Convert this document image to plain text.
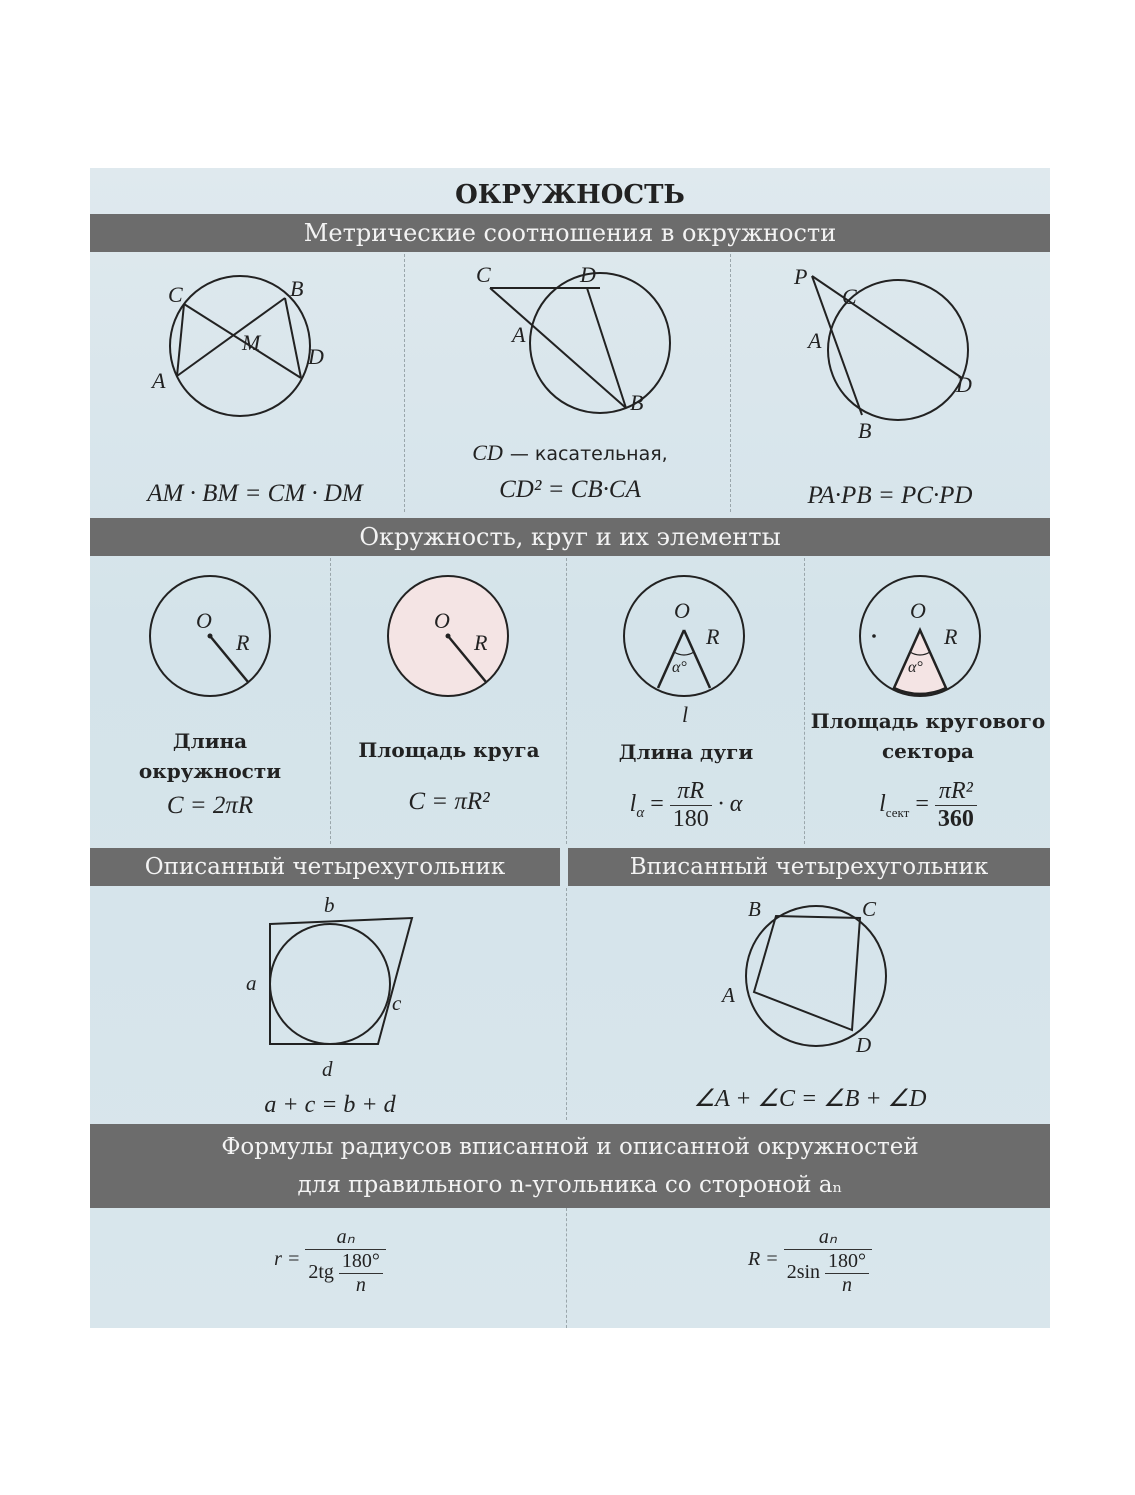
ОКРУЖНОСТЬ
Метрические соотношения в окружности
C	B
M
D
A
AM · BM = CM · DM
C	D
A
B
CD — касательная,
CD² = CB·CA
P
C
A
D
B
PA·PB = PC·PD
Окружность, круг и их элементы
O
R
Длина окружности
C = 2πR
O
R
Площадь круга
C = πR²
O
R
α°
l
Длина дуги
$l_\alpha = \frac{\pi R}{180} \cdot \alpha$
O
R
α°
Площадь кругового сектора
$l_{сект} = \frac{\text{πR²}}{360}$
Описанный четырехугольник	Вписанный четырехугольник
b
a
c
d
a + c = b + d
B	C
A
D
∠A + ∠C = ∠B + ∠D
Формулы радиусов вписанной и описанной окружностей
для правильного n-угольника со стороной aₙ
$r = \frac{\text{aₙ}}{2tg \frac{180^\circ}{n}}$	$R = \frac{\text{aₙ}}{2\sin \frac{180^\circ}{n}}$
